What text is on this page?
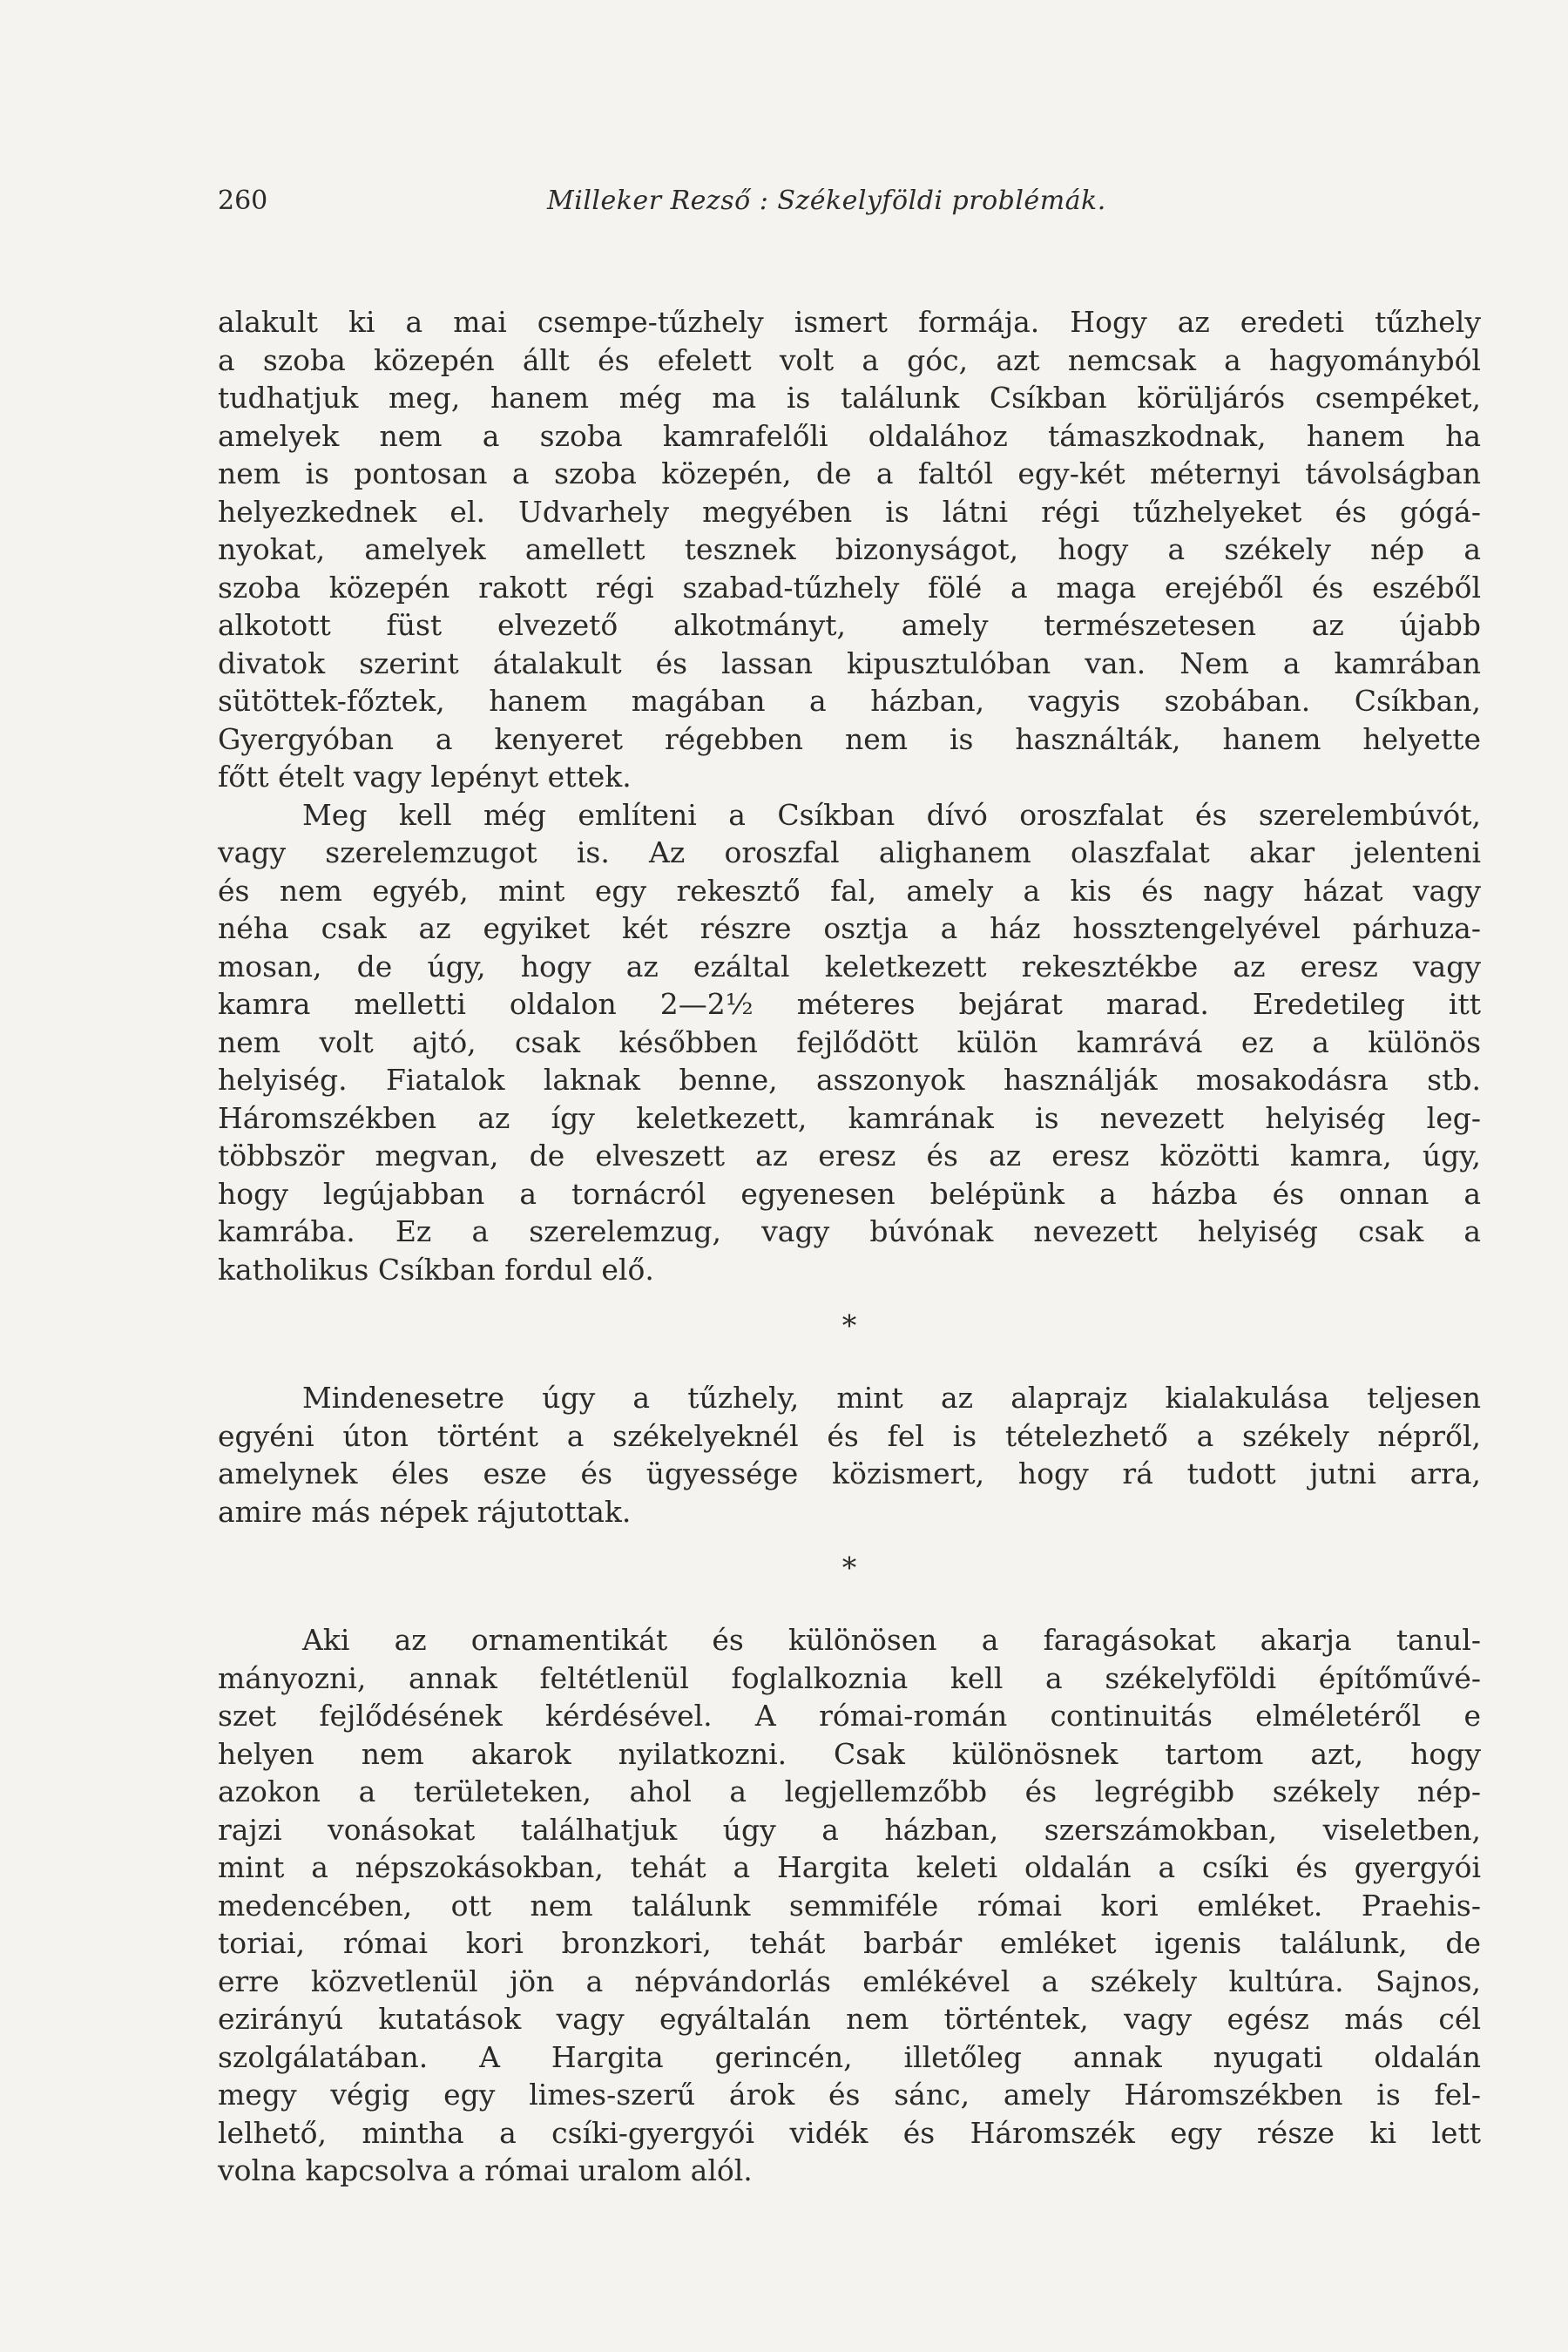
260	Milleker Rezső : Székelyföldi problémák.
alakult ki a mai csempe-tűzhely ismert formája. Hogy az eredeti tűzhely
a szoba közepén állt és efelett volt a góc, azt nemcsak a hagyományból
tudhatjuk meg, hanem még ma is találunk Csíkban körüljárós csempéket,
amelyek nem a szoba kamrafelőli oldalához támaszkodnak, hanem ha
nem is pontosan a szoba közepén, de a faltól egy-két méternyi távolságban
helyezkednek el. Udvarhely megyében is látni régi tűzhelyeket és gógá-
nyokat, amelyek amellett tesznek bizonyságot, hogy a székely nép a
szoba közepén rakott régi szabad-tűzhely fölé a maga erejéből és eszéből
alkotott füst elvezető alkotmányt, amely természetesen az újabb
divatok szerint átalakult és lassan kipusztulóban van. Nem a kamrában
sütöttek-főztek, hanem magában a házban, vagyis szobában. Csíkban,
Gyergyóban a kenyeret régebben nem is használták, hanem helyette
főtt ételt vagy lepényt ettek.
Meg kell még említeni a Csíkban dívó oroszfalat és szerelembúvót,
vagy szerelemzugot is. Az oroszfal alighanem olaszfalat akar jelenteni
és nem egyéb, mint egy rekesztő fal, amely a kis és nagy házat vagy
néha csak az egyiket két részre osztja a ház hossztengelyével párhuza-
mosan, de úgy, hogy az ezáltal keletkezett rekesztékbe az eresz vagy
kamra melletti oldalon 2—2½ méteres bejárat marad. Eredetileg itt
nem volt ajtó, csak későbben fejlődött külön kamrává ez a különös
helyiség. Fiatalok laknak benne, asszonyok használják mosakodásra stb.
Háromszékben az így keletkezett, kamrának is nevezett helyiség leg-
többször megvan, de elveszett az eresz és az eresz közötti kamra, úgy,
hogy legújabban a tornácról egyenesen belépünk a házba és onnan a
kamrába. Ez a szerelemzug, vagy búvónak nevezett helyiség csak a
katholikus Csíkban fordul elő.
*
Mindenesetre úgy a tűzhely, mint az alaprajz kialakulása teljesen
egyéni úton történt a székelyeknél és fel is tételezhető a székely népről,
amelynek éles esze és ügyessége közismert, hogy rá tudott jutni arra,
amire más népek rájutottak.
*
Aki az ornamentikát és különösen a faragásokat akarja tanul-
mányozni, annak feltétlenül foglalkoznia kell a székelyföldi építőművé-
szet fejlődésének kérdésével. A római-román continuitás elméletéről e
helyen nem akarok nyilatkozni. Csak különösnek tartom azt, hogy
azokon a területeken, ahol a legjellemzőbb és legrégibb székely nép-
rajzi vonásokat találhatjuk úgy a házban, szerszámokban, viseletben,
mint a népszokásokban, tehát a Hargita keleti oldalán a csíki és gyergyói
medencében, ott nem találunk semmiféle római kori emléket. Praehis-
toriai, római kori bronzkori, tehát barbár emléket igenis találunk, de
erre közvetlenül jön a népvándorlás emlékével a székely kultúra. Sajnos,
ezirányú kutatások vagy egyáltalán nem történtek, vagy egész más cél
szolgálatában. A Hargita gerincén, illetőleg annak nyugati oldalán
megy végig egy limes-szerű árok és sánc, amely Háromszékben is fel-
lelhető, mintha a csíki-gyergyói vidék és Háromszék egy része ki lett
volna kapcsolva a római uralom alól.
